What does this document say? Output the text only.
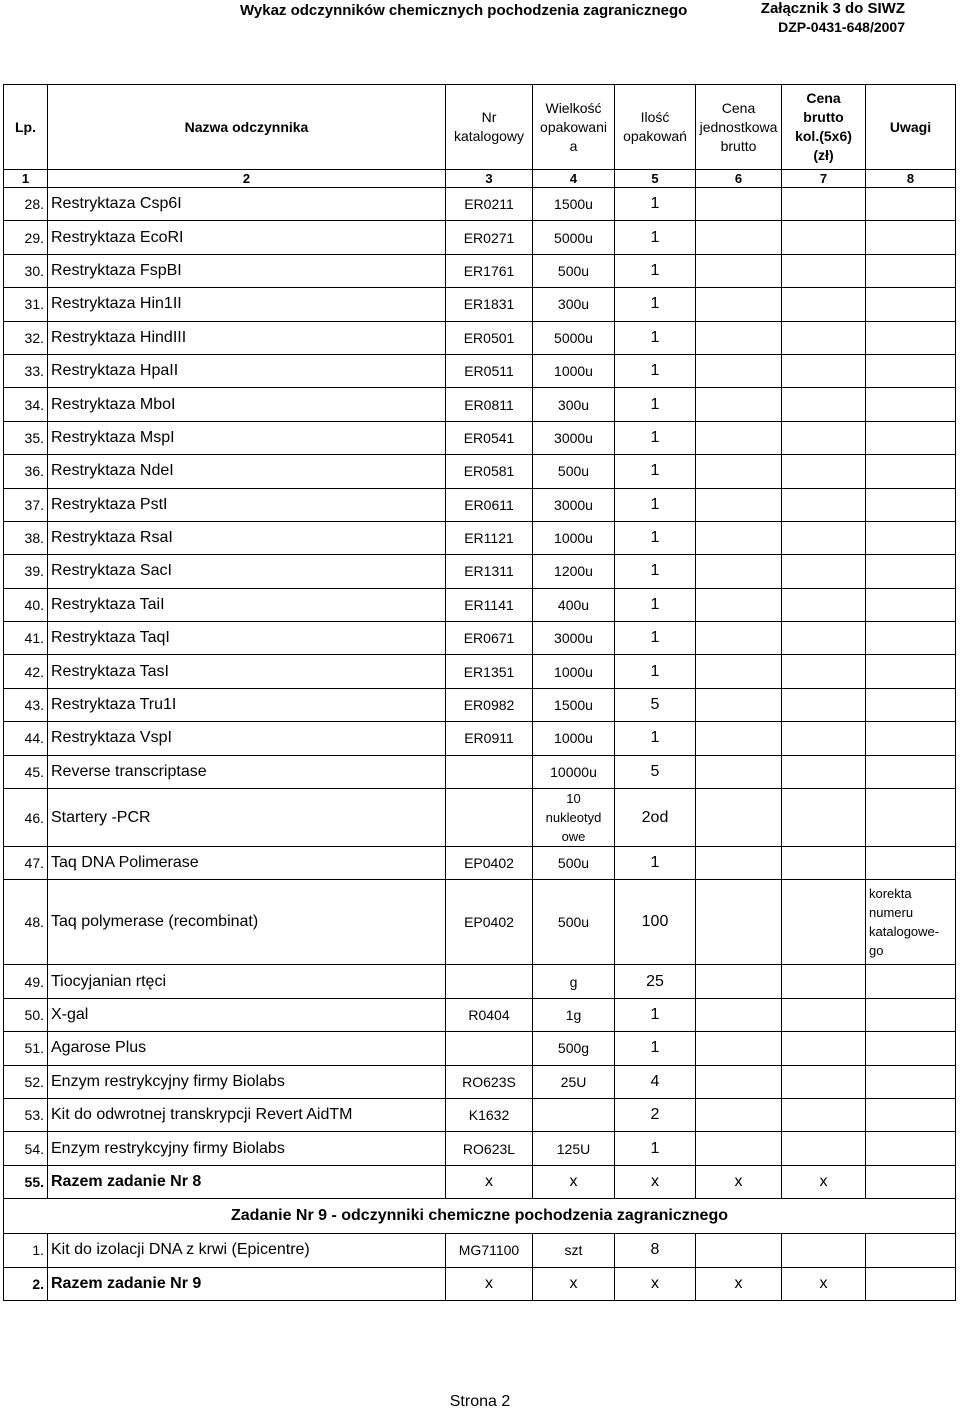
Wykaz odczynników chemicznych pochodzenia zagranicznego	Załącznik 3 do SIWZ
DZP-0431-648/2007
Lp.	Nazwa odczynnika	Nr
katalogowy	Wielkość
opakowani
a	Ilość
opakowań	Cena
jednostkowa
brutto	Cena brutto
kol.(5x6) (zł)	Uwagi
1	2	3	4	5	6	7	8
28.	Restryktaza Csp6I	ER0211	1500u	1			
29.	Restryktaza EcoRI	ER0271	5000u	1			
30.	Restryktaza FspBI	ER1761	500u	1			
31.	Restryktaza Hin1II	ER1831	300u	1			
32.	Restryktaza HindIII	ER0501	5000u	1			
33.	Restryktaza HpaII	ER0511	1000u	1			
34.	Restryktaza MboI	ER0811	300u	1			
35.	Restryktaza MspI	ER0541	3000u	1			
36.	Restryktaza NdeI	ER0581	500u	1			
37.	Restryktaza PstI	ER0611	3000u	1			
38.	Restryktaza RsaI	ER1121	1000u	1			
39.	Restryktaza SacI	ER1311	1200u	1			
40.	Restryktaza TaiI	ER1141	400u	1			
41.	Restryktaza TaqI	ER0671	3000u	1			
42.	Restryktaza TasI	ER1351	1000u	1			
43.	Restryktaza Tru1I	ER0982	1500u	5			
44.	Restryktaza VspI	ER0911	1000u	1			
45.	Reverse transcriptase		10000u	5			
46.	Startery -PCR		10
nukleotyd
owe	2od			
47.	Taq DNA Polimerase	EP0402	500u	1			
48.	Taq polymerase (recombinat)	EP0402	500u	100			korekta
numeru
katalogowe-
go
49.	Tiocyjanian rtęci		g	25			
50.	X-gal	R0404	1g	1			
51.	Agarose Plus		500g	1			
52.	Enzym restrykcyjny firmy Biolabs	RO623S	25U	4			
53.	Kit do odwrotnej transkrypcji Revert AidTM	K1632		2			
54.	Enzym restrykcyjny firmy Biolabs	RO623L	125U	1			
55.	Razem zadanie Nr 8	x	x	x	x	x	
Zadanie Nr 9 - odczynniki chemiczne pochodzenia zagranicznego							
1.	Kit do izolacji DNA z krwi (Epicentre)	MG71100	szt	8			
2.	Razem zadanie Nr 9	x	x	x	x	x	
Strona 2
